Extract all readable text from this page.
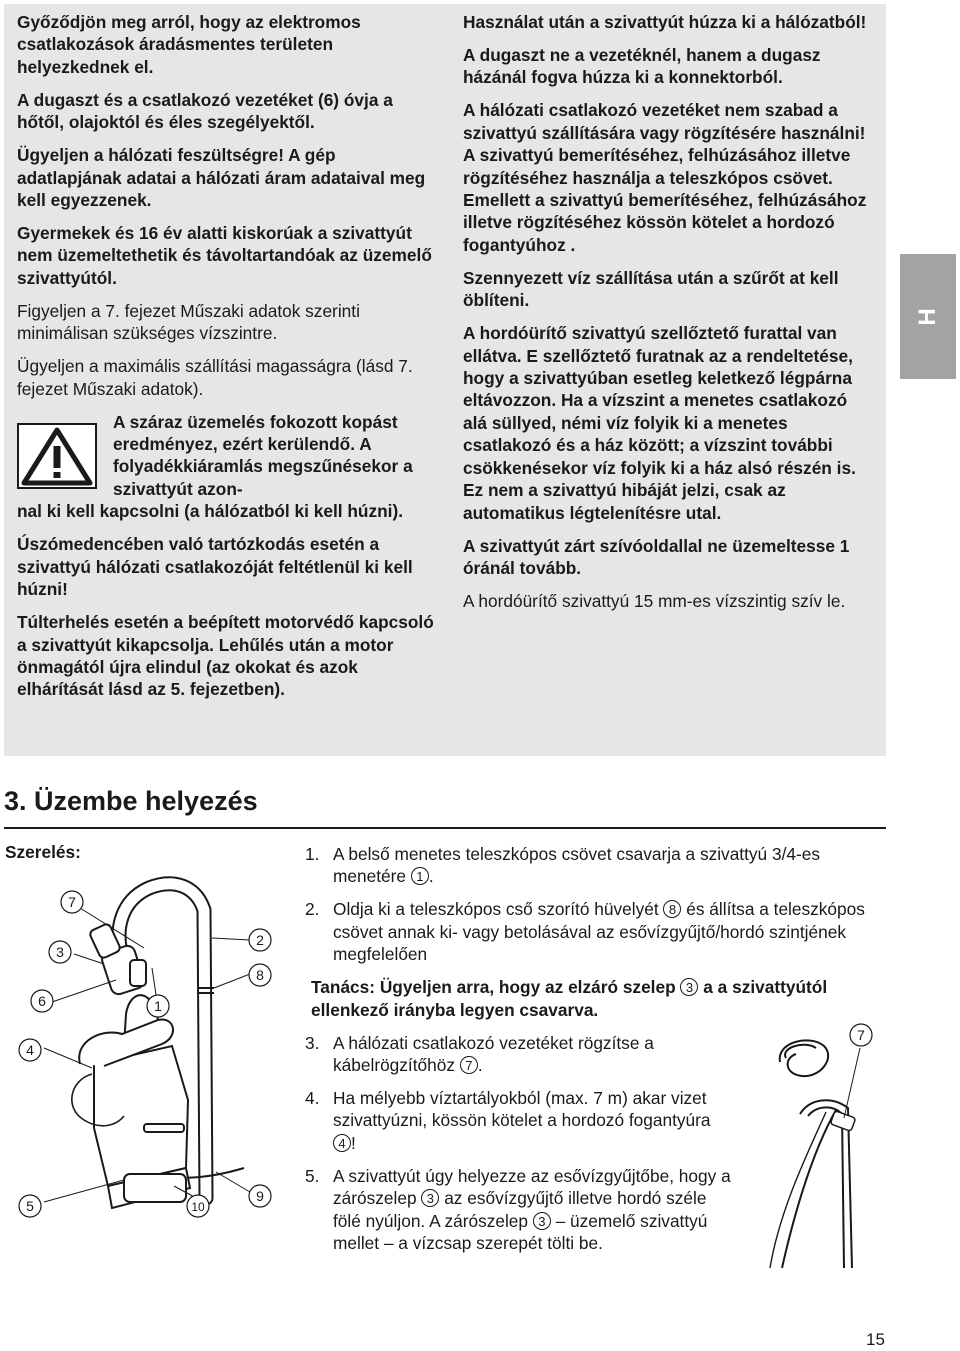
Győződjön meg arról, hogy az elektromos csatlakozások áradásmentes területen helyezkednek el.

A dugaszt és a csatlakozó vezetéket (6) óvja a hőtől, olajoktól és éles szegélyektől.

Ügyeljen a hálózati feszültségre! A gép adatlapjának adatai a hálózati áram adataival meg kell egyezzenek.

Gyermekek és 16 év alatti kiskorúak a szivattyút nem üzemeltethetik és távoltartandóak az üzemelő szivattyútól.

Figyeljen a 7. fejezet Műszaki adatok szerinti minimálisan szükséges vízszintre.

Ügyeljen a maximális szállítási magasságra (lásd 7. fejezet Műszaki adatok).

A száraz üzemelés fokozott kopást eredményez, ezért kerülendő. A folyadékkiáramlás megszűnésekor a szivattyút azon-
nal ki kell kapcsolni (a hálózatból ki kell húzni).

Úszómedencében való tartózkodás esetén a szivattyú hálózati csatlakozóját feltétlenül ki kell húzni!

Túlterhelés esetén a beépített motorvédő kapcsoló a szivattyút kikapcsolja. Lehűlés után a motor önmagától újra elindul (az okokat és azok elhárítását lásd az 5. fejezetben).

Használat után a szivattyút húzza ki a hálózatból!

A dugaszt ne a vezetéknél, hanem a dugasz házánál fogva húzza ki a konnektorból.

A hálózati csatlakozó vezetéket nem szabad a szivattyú szállítására vagy rögzítésére használni! A szivattyú bemerítéséhez, felhúzásához illetve rögzítéséhez használja a teleszkópos csövet. Emellett a szivattyú bemerítéséhez, felhúzásához illetve rögzítéséhez kössön kötelet a hordozó fogantyúhoz .

Szennyezett víz szállítása után a szűrőt at kell öblíteni.

A hordóürítő szivattyú szellőztető furattal van ellátva. E szellőztető furatnak az a rendeltetése, hogy a szivattyúban esetleg keletkező légpárna eltávozzon. Ha a vízszint a menetes csatlakozó alá süllyed, némi víz folyik ki a menetes csatlakozó és a ház között; a vízszint további csökkenésekor víz folyik ki a ház alsó részén is. Ez nem a szivattyú hibáját jelzi, csak az automatikus légtelenítésre utal.

A szivattyút zárt szívóoldallal ne üzemeltesse 1 óránál tovább.

A hordóürítő szivattyú 15 mm-es vízszintig szív le.

H
3. Üzembe helyezés
Szerelés:
7
3
6
4
5
1
2
8
9
10
1. A belső menetes teleszkópos csövet csavarja a szivattyú 3/4-es menetére 1 .
2. Oldja ki a teleszkópos cső szorító hüvelyét 8 és állítsa a teleszkópos csövet annak ki- vagy betolásával az esővízgyűjtő/hordó szintjének megfelelően

Tanács: Ügyeljen arra, hogy az elzáró szelep 3 a a szivattyútól ellenkező irányba legyen csavarva.

3. A hálózati csatlakozó vezetéket rögzítse a kábelrögzítőhöz 7 .
4. Ha mélyebb víztartályokból (max. 7 m) akar vizet szivattyúzni, kössön kötelet a hordozó fogantyúra 4 !
5. A szivattyút úgy helyezze az esővízgyűjtőbe, hogy a zárószelep 3 az esővízgyűjtő illetve hordó széle fölé nyúljon. A zárószelep 3 – üzemelő szivattyú mellet – a vízcsap szerepét tölti be.
7
15
